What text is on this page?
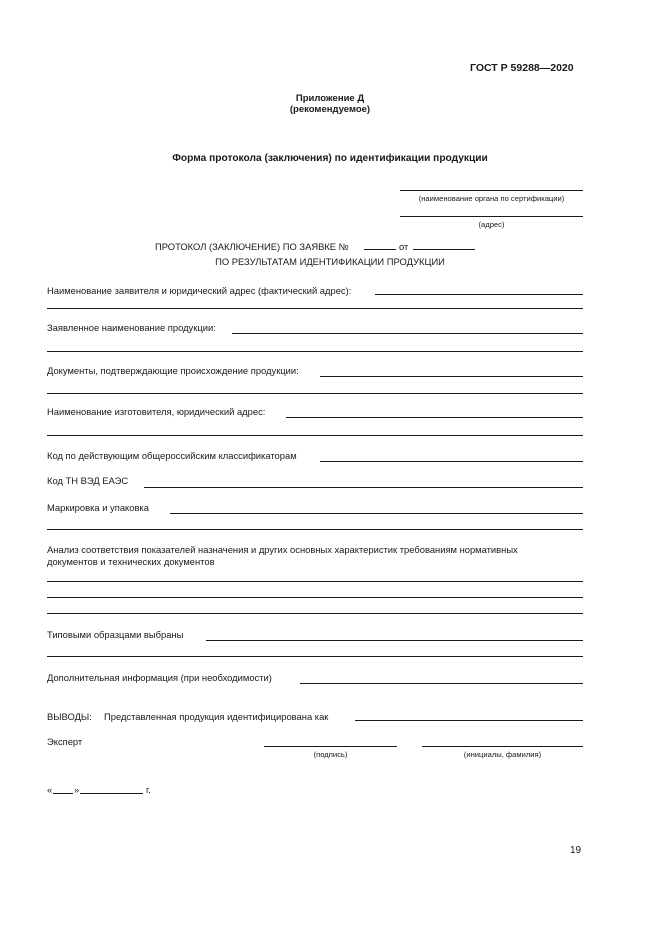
ГОСТ Р 59288—2020
Приложение Д
(рекомендуемое)
Форма протокола (заключения) по идентификации продукции
(наименование органа по сертификации)
(адрес)
ПРОТОКОЛ (ЗАКЛЮЧЕНИЕ) ПО ЗАЯВКЕ №	от
ПО РЕЗУЛЬТАТАМ ИДЕНТИФИКАЦИИ ПРОДУКЦИИ
Наименование заявителя и юридический адрес (фактический адрес):
Заявленное наименование продукции:
Документы, подтверждающие происхождение продукции:
Наименование изготовителя, юридический адрес:
Код по действующим общероссийским классификаторам
Код ТН ВЭД ЕАЭС
Маркировка и упаковка
Анализ соответствия показателей назначения и других основных характеристик требованиям нормативных
документов и технических документов
Типовыми образцами выбраны
Дополнительная информация (при необходимости)
ВЫВОДЫ: Представленная продукция идентифицирована как
Эксперт
(подпись)	(инициалы, фамилия)
« »	г.
19
